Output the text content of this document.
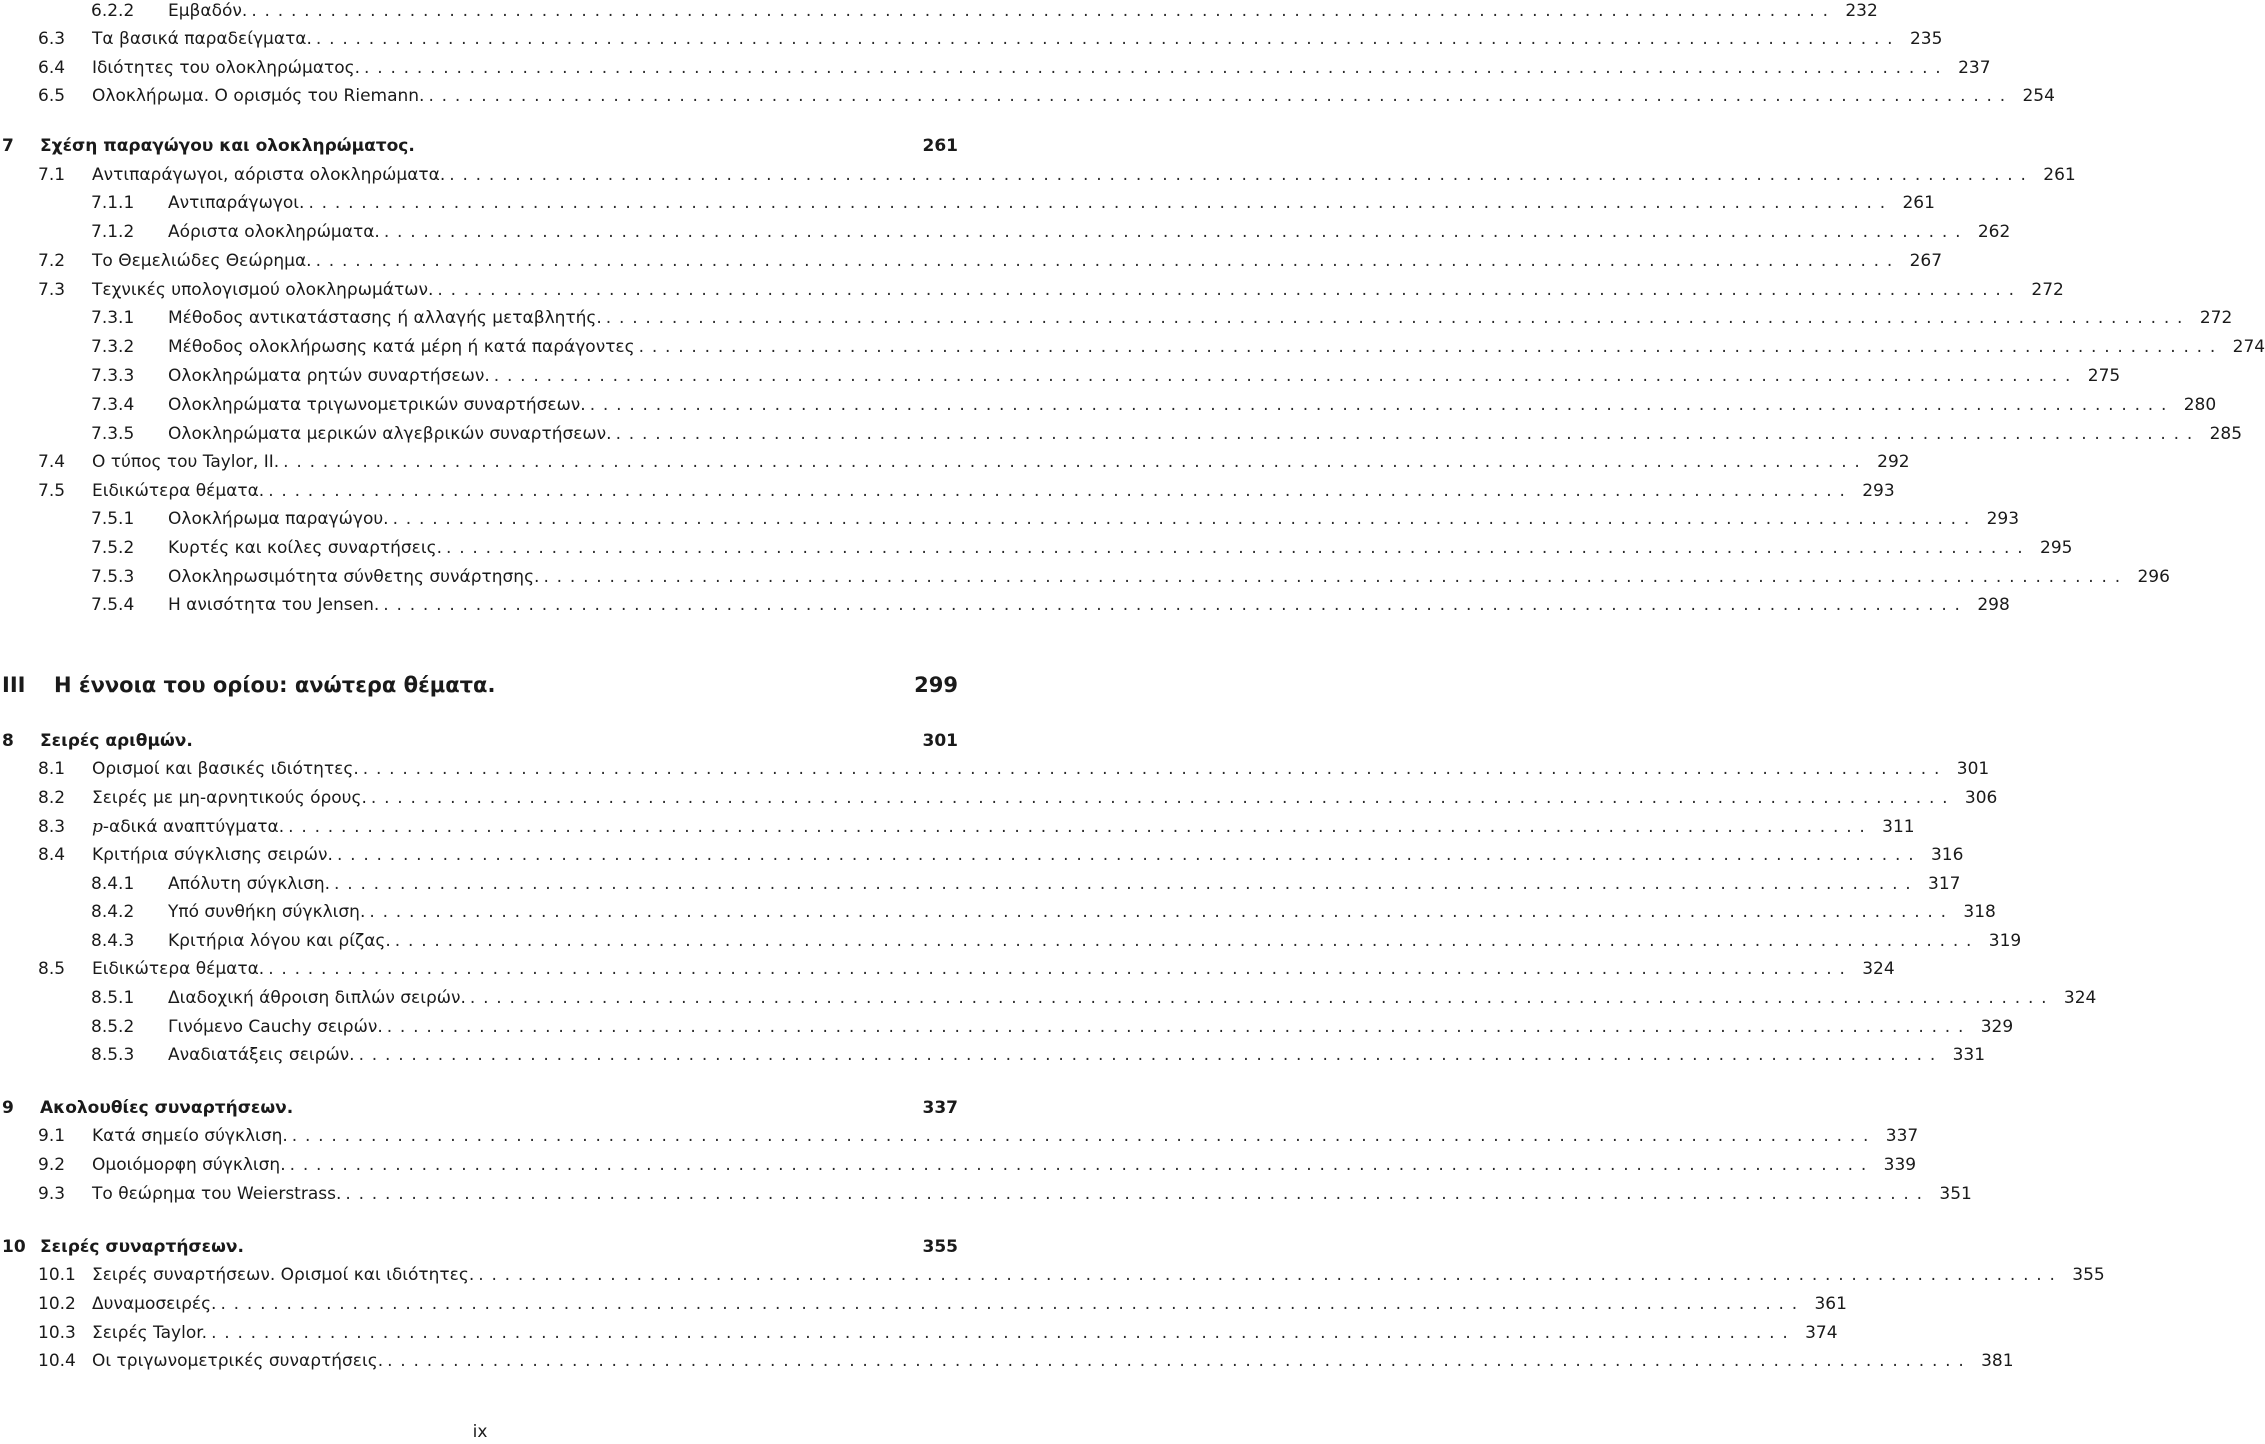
6.2.2	Εμβαδόν. ........................................................................................................................ 232
6.3	Τα βασικά παραδείγματα. ........................................................................................................................ 235
6.4	Ιδιότητες του ολοκληρώματος. ........................................................................................................................ 237
6.5	Ολοκλήρωμα. Ο ορισμός του Riemann. ........................................................................................................................ 254
7	Σχέση παραγώγου και ολοκληρώματος.	261
7.1	Αντιπαράγωγοι, αόριστα ολοκληρώματα. ........................................................................................................................ 261
7.1.1	Αντιπαράγωγοι. ........................................................................................................................ 261
7.1.2	Αόριστα ολοκληρώματα. ........................................................................................................................ 262
7.2	Το Θεμελιώδες Θεώρημα. ........................................................................................................................ 267
7.3	Τεχνικές υπολογισμού ολοκληρωμάτων. ........................................................................................................................ 272
7.3.1	Μέθοδος αντικατάστασης ή αλλαγής μεταβλητής. ........................................................................................................................ 272
7.3.2	Μέθοδος ολοκλήρωσης κατά μέρη ή κατά παράγοντες ........................................................................................................................ 274
7.3.3	Ολοκληρώματα ρητών συναρτήσεων. ........................................................................................................................ 275
7.3.4	Ολοκληρώματα τριγωνομετρικών συναρτήσεων. ........................................................................................................................ 280
7.3.5	Ολοκληρώματα μερικών αλγεβρικών συναρτήσεων. ........................................................................................................................ 285
7.4	Ο τύπος του Taylor, II. ........................................................................................................................ 292
7.5	Ειδικώτερα θέματα. ........................................................................................................................ 293
7.5.1	Ολοκλήρωμα παραγώγου. ........................................................................................................................ 293
7.5.2	Κυρτές και κοίλες συναρτήσεις. ........................................................................................................................ 295
7.5.3	Ολοκληρωσιμότητα σύνθετης συνάρτησης. ........................................................................................................................ 296
7.5.4	Η ανισότητα του Jensen. ........................................................................................................................ 298
III	Η έννοια του ορίου: ανώτερα θέματα.	299
8	Σειρές αριθμών.	301
8.1	Ορισμοί και βασικές ιδιότητες. ........................................................................................................................ 301
8.2	Σειρές με μη-αρνητικούς όρους. ........................................................................................................................ 306
8.3	p-αδικά αναπτύγματα. ........................................................................................................................ 311
8.4	Κριτήρια σύγκλισης σειρών. ........................................................................................................................ 316
8.4.1	Απόλυτη σύγκλιση. ........................................................................................................................ 317
8.4.2	Υπό συνθήκη σύγκλιση. ........................................................................................................................ 318
8.4.3	Κριτήρια λόγου και ρίζας. ........................................................................................................................ 319
8.5	Ειδικώτερα θέματα. ........................................................................................................................ 324
8.5.1	Διαδοχική άθροιση διπλών σειρών. ........................................................................................................................ 324
8.5.2	Γινόμενο Cauchy σειρών. ........................................................................................................................ 329
8.5.3	Αναδιατάξεις σειρών. ........................................................................................................................ 331
9	Ακολουθίες συναρτήσεων.	337
9.1	Κατά σημείο σύγκλιση. ........................................................................................................................ 337
9.2	Ομοιόμορφη σύγκλιση. ........................................................................................................................ 339
9.3	Το θεώρημα του Weierstrass. ........................................................................................................................ 351
10 Σειρές συναρτήσεων.	355
10.1 Σειρές συναρτήσεων. Ορισμοί και ιδιότητες. ........................................................................................................................ 355
10.2 Δυναμοσειρές. ........................................................................................................................ 361
10.3 Σειρές Taylor. ........................................................................................................................ 374
10.4 Οι τριγωνομετρικές συναρτήσεις. ........................................................................................................................ 381
ix
